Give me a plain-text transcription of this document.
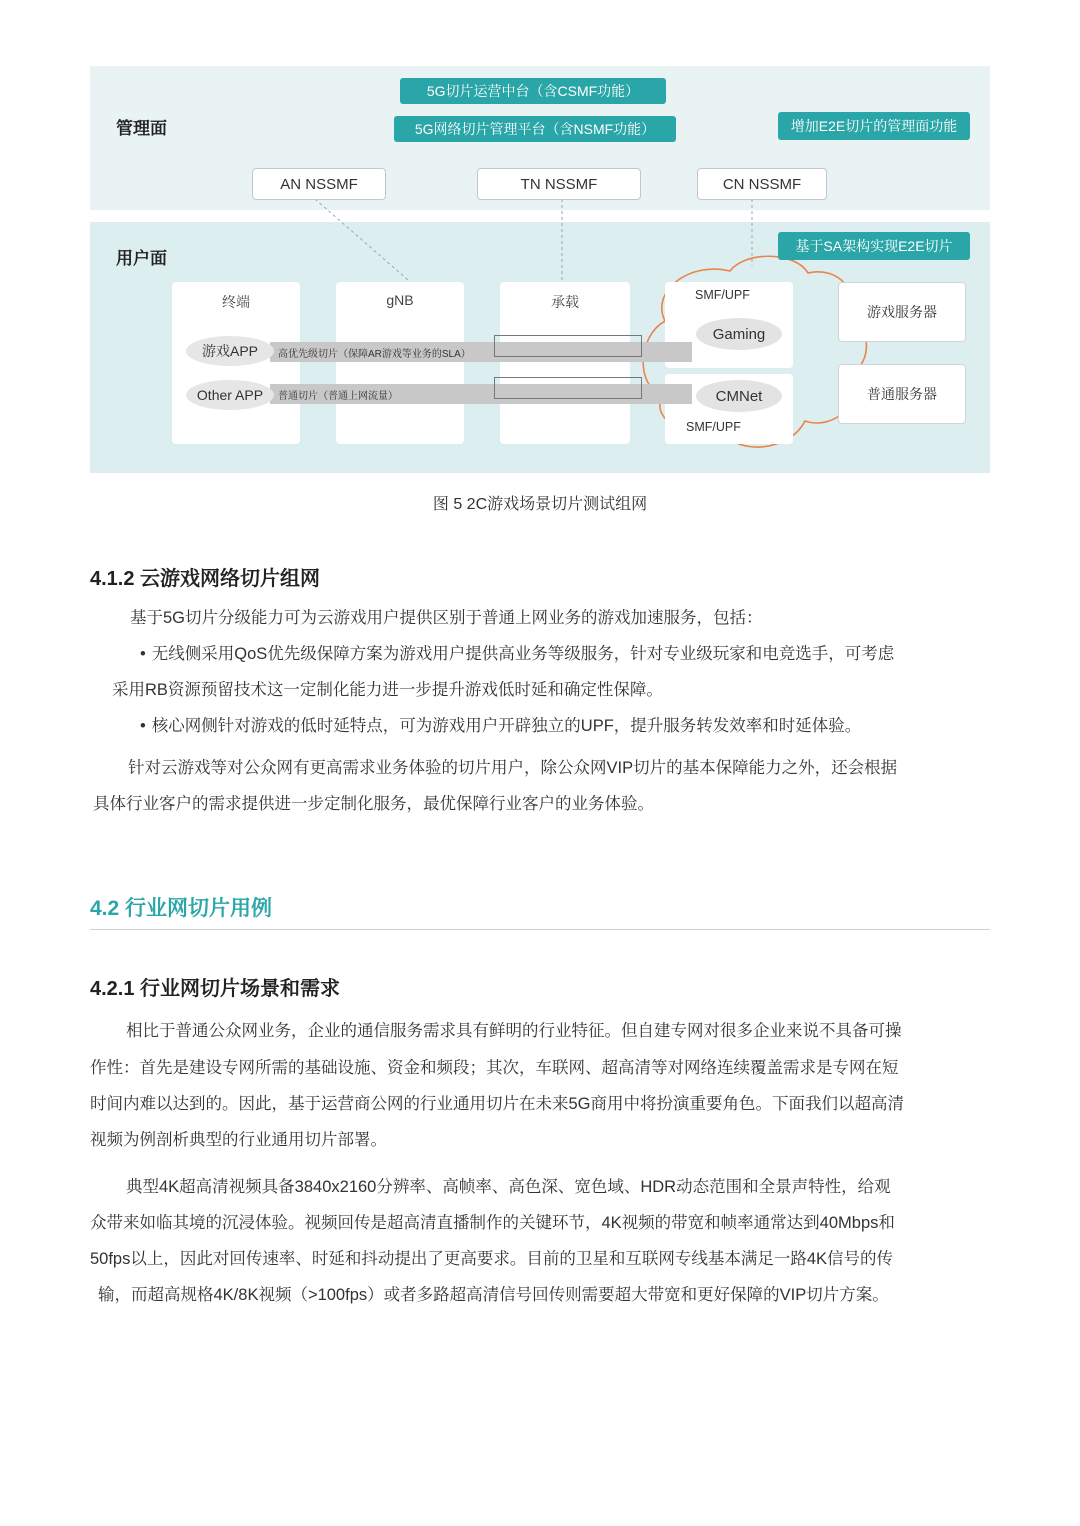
管理面
用户面
5G切片运营中台（含CSMF功能）
5G网络切片管理平台（含NSMF功能）	增加E2E切片的管理面功能
基于SA架构实现E2E切片
AN NSSMF	TN NSSMF	CN NSSMF
终端	gNB	承载
高优先级切片（保障AR游戏等业务的SLA）
普通切片（普通上网流量）
游戏APP
Other APP
SMF/UPF
Gaming
CMNet
SMF/UPF
游戏服务器
普通服务器
图 5 2C游戏场景切片测试组网
4.1.2 云游戏网络切片组网

基于5G切片分级能力可为云游戏用户提供区别于普通上网业务的游戏加速服务，包括：

• 无线侧采用QoS优先级保障方案为游戏用户提供高业务等级服务，针对专业级玩家和电竞选手，可考虑

采用RB资源预留技术这一定制化能力进一步提升游戏低时延和确定性保障。

• 核心网侧针对游戏的低时延特点，可为游戏用户开辟独立的UPF，提升服务转发效率和时延体验。

针对云游戏等对公众网有更高需求业务体验的切片用户，除公众网VIP切片的基本保障能力之外，还会根据

具体行业客户的需求提供进一步定制化服务，最优保障行业客户的业务体验。

4.2 行业网切片用例
4.2.1 行业网切片场景和需求

相比于普通公众网业务，企业的通信服务需求具有鲜明的行业特征。但自建专网对很多企业来说不具备可操

作性：首先是建设专网所需的基础设施、资金和频段；其次，车联网、超高清等对网络连续覆盖需求是专网在短

时间内难以达到的。因此，基于运营商公网的行业通用切片在未来5G商用中将扮演重要角色。下面我们以超高清

视频为例剖析典型的行业通用切片部署。

典型4K超高清视频具备3840x2160分辨率、高帧率、高色深、宽色域、HDR动态范围和全景声特性，给观

众带来如临其境的沉浸体验。视频回传是超高清直播制作的关键环节，4K视频的带宽和帧率通常达到40Mbps和

50fps以上，因此对回传速率、时延和抖动提出了更高要求。目前的卫星和互联网专线基本满足一路4K信号的传

输，而超高规格4K/8K视频（>100fps）或者多路超高清信号回传则需要超大带宽和更好保障的VIP切片方案。
